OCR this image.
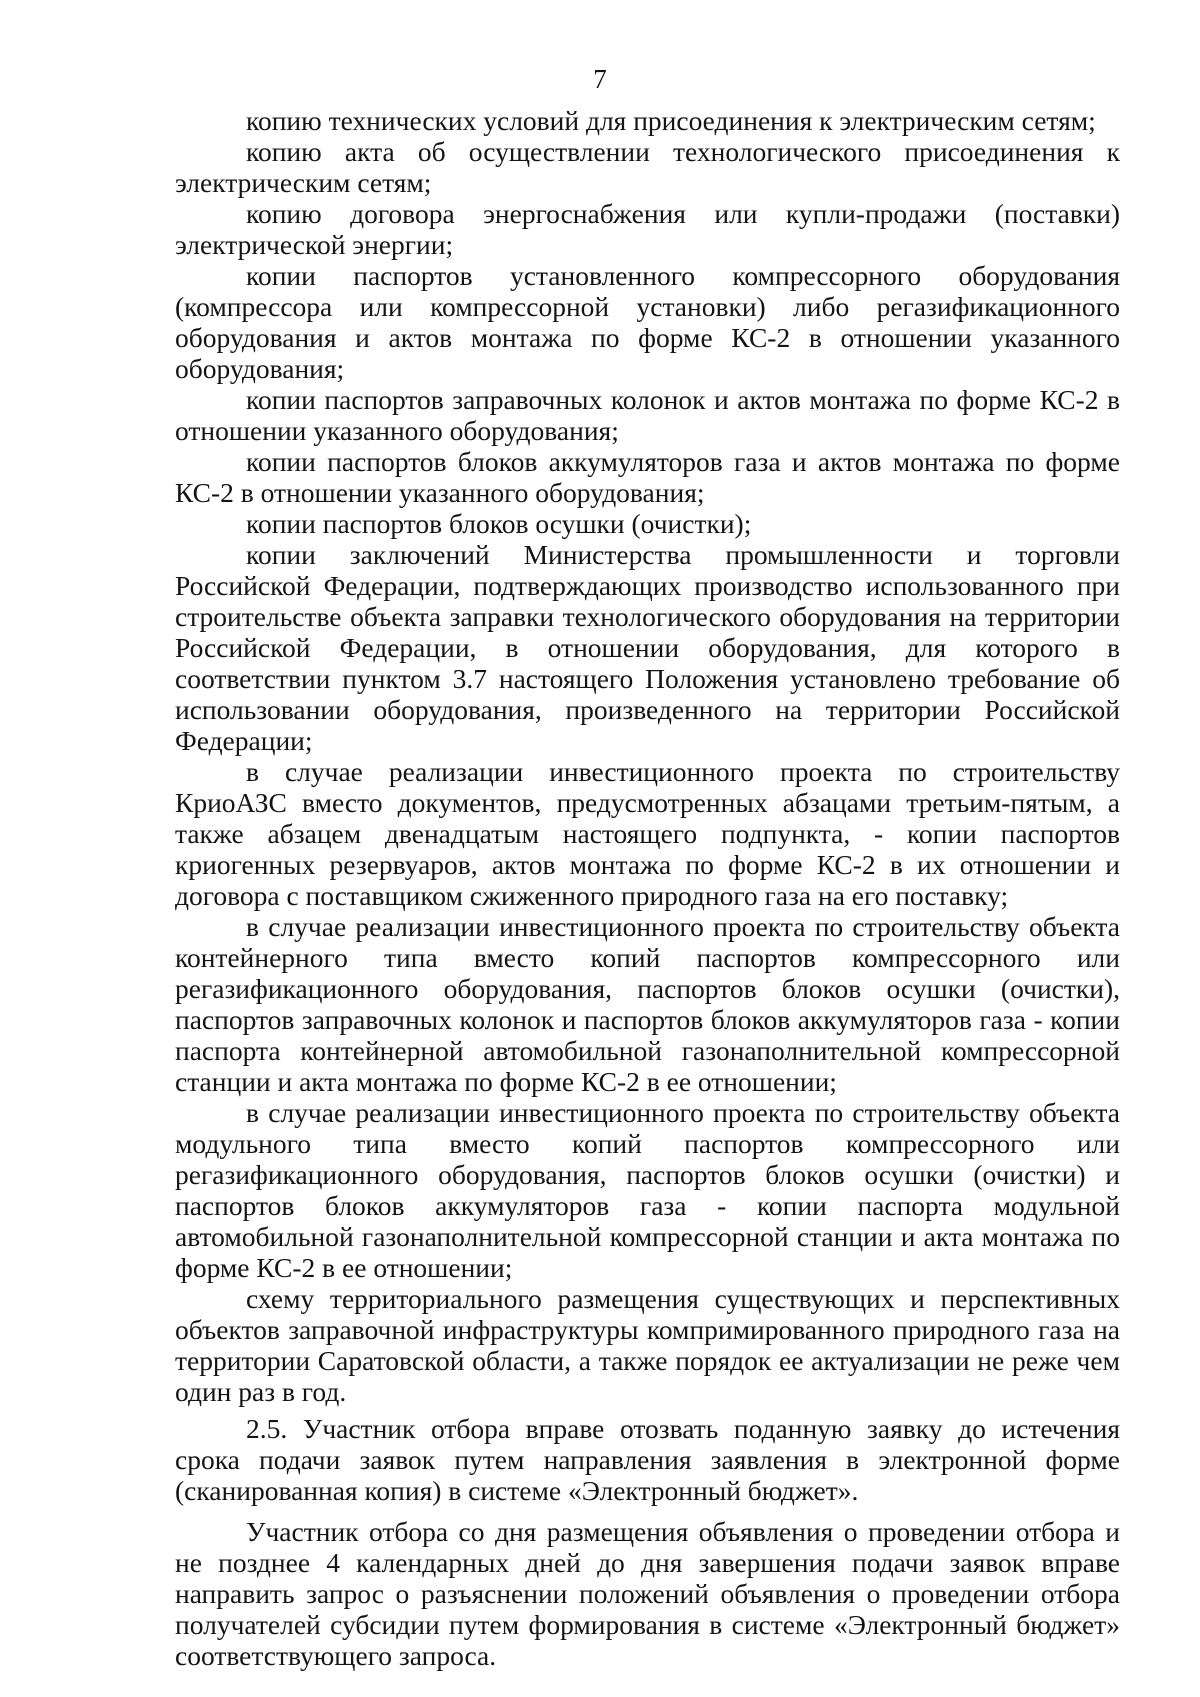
7

копию технических условий для присоединения к электрическим сетям;

копию акта об осуществлении технологического присоединения к электрическим сетям;

копию договора энергоснабжения или купли-продажи (поставки) электрической энергии;

копии паспортов установленного компрессорного оборудования (компрессора или компрессорной установки) либо регазификационного оборудования и актов монтажа по форме КС-2 в отношении указанного оборудования;

копии паспортов заправочных колонок и актов монтажа по форме КС-2 в отношении указанного оборудования;

копии паспортов блоков аккумуляторов газа и актов монтажа по форме КС-2 в отношении указанного оборудования;

копии паспортов блоков осушки (очистки);

копии заключений Министерства промышленности и торговли Российской Федерации, подтверждающих производство использованного при строительстве объекта заправки технологического оборудования на территории Российской Федерации, в отношении оборудования, для которого в соответствии пунктом 3.7 настоящего Положения установлено требование об использовании оборудования, произведенного на территории Российской Федерации;

в случае реализации инвестиционного проекта по строительству КриоАЗС вместо документов, предусмотренных абзацами третьим-пятым, а также абзацем двенадцатым настоящего подпункта, - копии паспортов криогенных резервуаров, актов монтажа по форме КС-2 в их отношении и договора с поставщиком сжиженного природного газа на его поставку;

в случае реализации инвестиционного проекта по строительству объекта контейнерного типа вместо копий паспортов компрессорного или регазификационного оборудования, паспортов блоков осушки (очистки), паспортов заправочных колонок и паспортов блоков аккумуляторов газа - копии паспорта контейнерной автомобильной газонаполнительной компрессорной станции и акта монтажа по форме КС-2 в ее отношении;

в случае реализации инвестиционного проекта по строительству объекта модульного типа вместо копий паспортов компрессорного или регазификационного оборудования, паспортов блоков осушки (очистки) и паспортов блоков аккумуляторов газа - копии паспорта модульной автомобильной газонаполнительной компрессорной станции и акта монтажа по форме КС-2 в ее отношении;

схему территориального размещения существующих и перспективных объектов заправочной инфраструктуры компримированного природного газа на территории Саратовской области, а также порядок ее актуализации не реже чем один раз в год.

2.5. Участник отбора вправе отозвать поданную заявку до истечения срока подачи заявок путем направления заявления в электронной форме (сканированная копия) в системе «Электронный бюджет».

Участник отбора со дня размещения объявления о проведении отбора и не позднее 4 календарных дней до дня завершения подачи заявок вправе направить запрос о разъяснении положений объявления о проведении отбора получателей субсидии путем формирования в системе «Электронный бюджет» соответствующего запроса.
